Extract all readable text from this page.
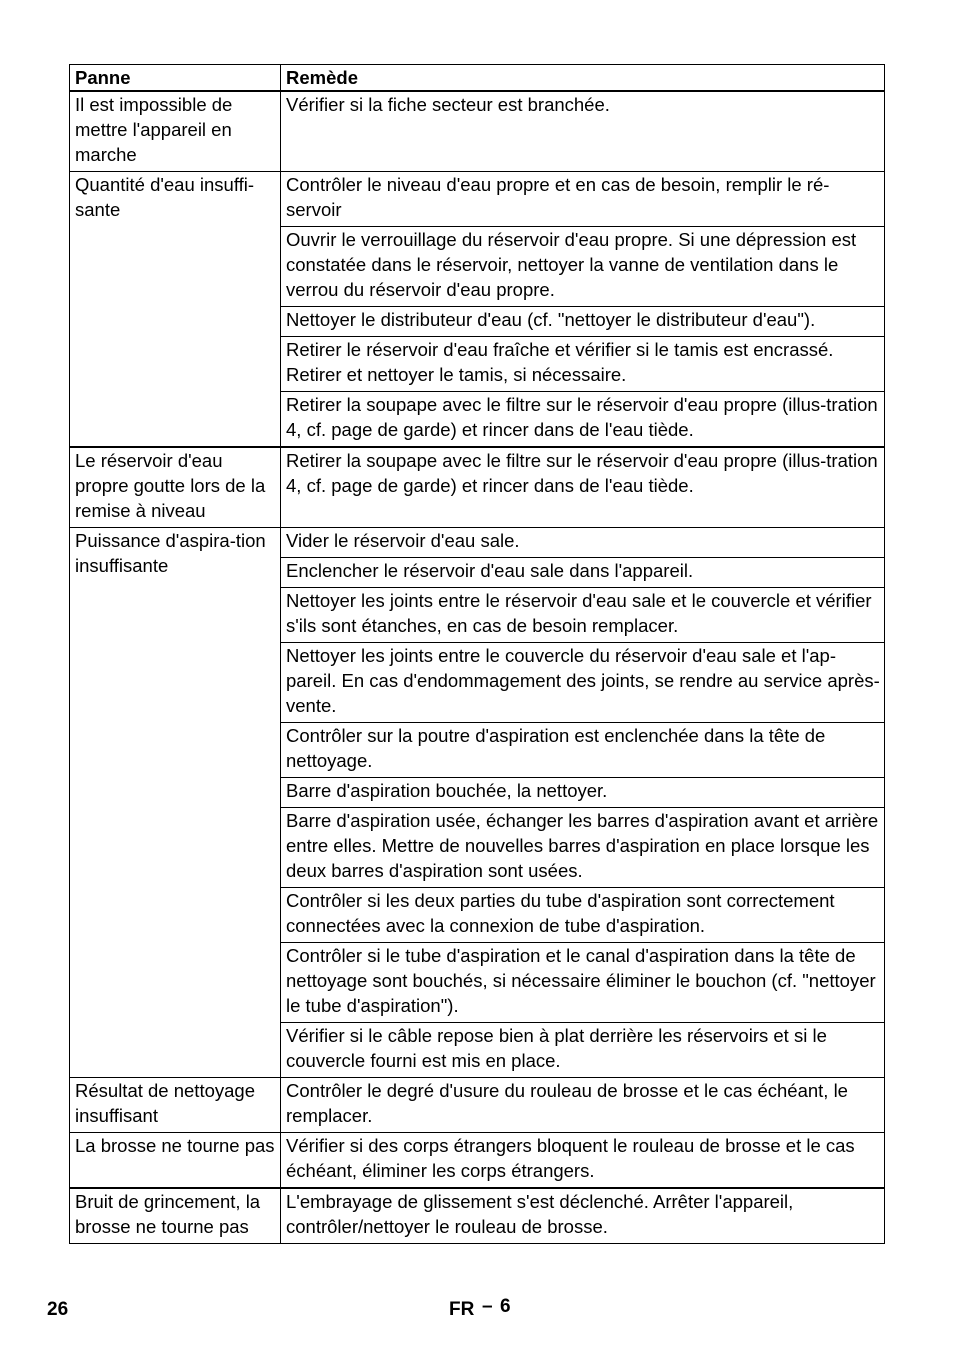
Panne	Remède
Il est impossible de mettre l'appareil en marche	Vérifier si la fiche secteur est branchée.
Quantité d'eau insuffi-sante	Contrôler le niveau d'eau propre et en cas de besoin, remplir le ré-servoir
	Ouvrir le verrouillage du réservoir d'eau propre. Si une dépression est constatée dans le réservoir, nettoyer la vanne de ventilation dans le verrou du réservoir d'eau propre.
	Nettoyer le distributeur d'eau (cf. "nettoyer le distributeur d'eau").
	Retirer le réservoir d'eau fraîche et vérifier si le tamis est encrassé. Retirer et nettoyer le tamis, si nécessaire.
	Retirer la soupape avec le filtre sur le réservoir d'eau propre (illus-tration 4, cf. page de garde) et rincer dans de l'eau tiède.
Le réservoir d'eau propre goutte lors de la remise à niveau	Retirer la soupape avec le filtre sur le réservoir d'eau propre (illus-tration 4, cf. page de garde) et rincer dans de l'eau tiède.
Puissance d'aspira-tion insuffisante	Vider le réservoir d'eau sale.
	Enclencher le réservoir d'eau sale dans l'appareil.
	Nettoyer les joints entre le réservoir d'eau sale et le couvercle et vérifier s'ils sont étanches, en cas de besoin remplacer.
	Nettoyer les joints entre le couvercle du réservoir d'eau sale et l'ap-pareil. En cas d'endommagement des joints, se rendre au service après-vente.
	Contrôler sur la poutre d'aspiration est enclenchée dans la tête de nettoyage.
	Barre d'aspiration bouchée, la nettoyer.
	Barre d'aspiration usée, échanger les barres d'aspiration avant et arrière entre elles. Mettre de nouvelles barres d'aspiration en place lorsque les deux barres d'aspiration sont usées.
	Contrôler si les deux parties du tube d'aspiration sont correctement connectées avec la connexion de tube d'aspiration.
	Contrôler si le tube d'aspiration et le canal d'aspiration dans la tête de nettoyage sont bouchés, si nécessaire éliminer le bouchon (cf. "nettoyer le tube d'aspiration").
	Vérifier si le câble repose bien à plat derrière les réservoirs et si le couvercle fourni est mis en place.
Résultat de nettoyage insuffisant	Contrôler le degré d'usure du rouleau de brosse et le cas échéant, le remplacer.
La brosse ne tourne pas	Vérifier si des corps étrangers bloquent le rouleau de brosse et le cas échéant, éliminer les corps étrangers.
Bruit de grincement, la brosse ne tourne pas	L'embrayage de glissement s'est déclenché. Arrêter l'appareil, contrôler/nettoyer le rouleau de brosse.
26	FR – 6
